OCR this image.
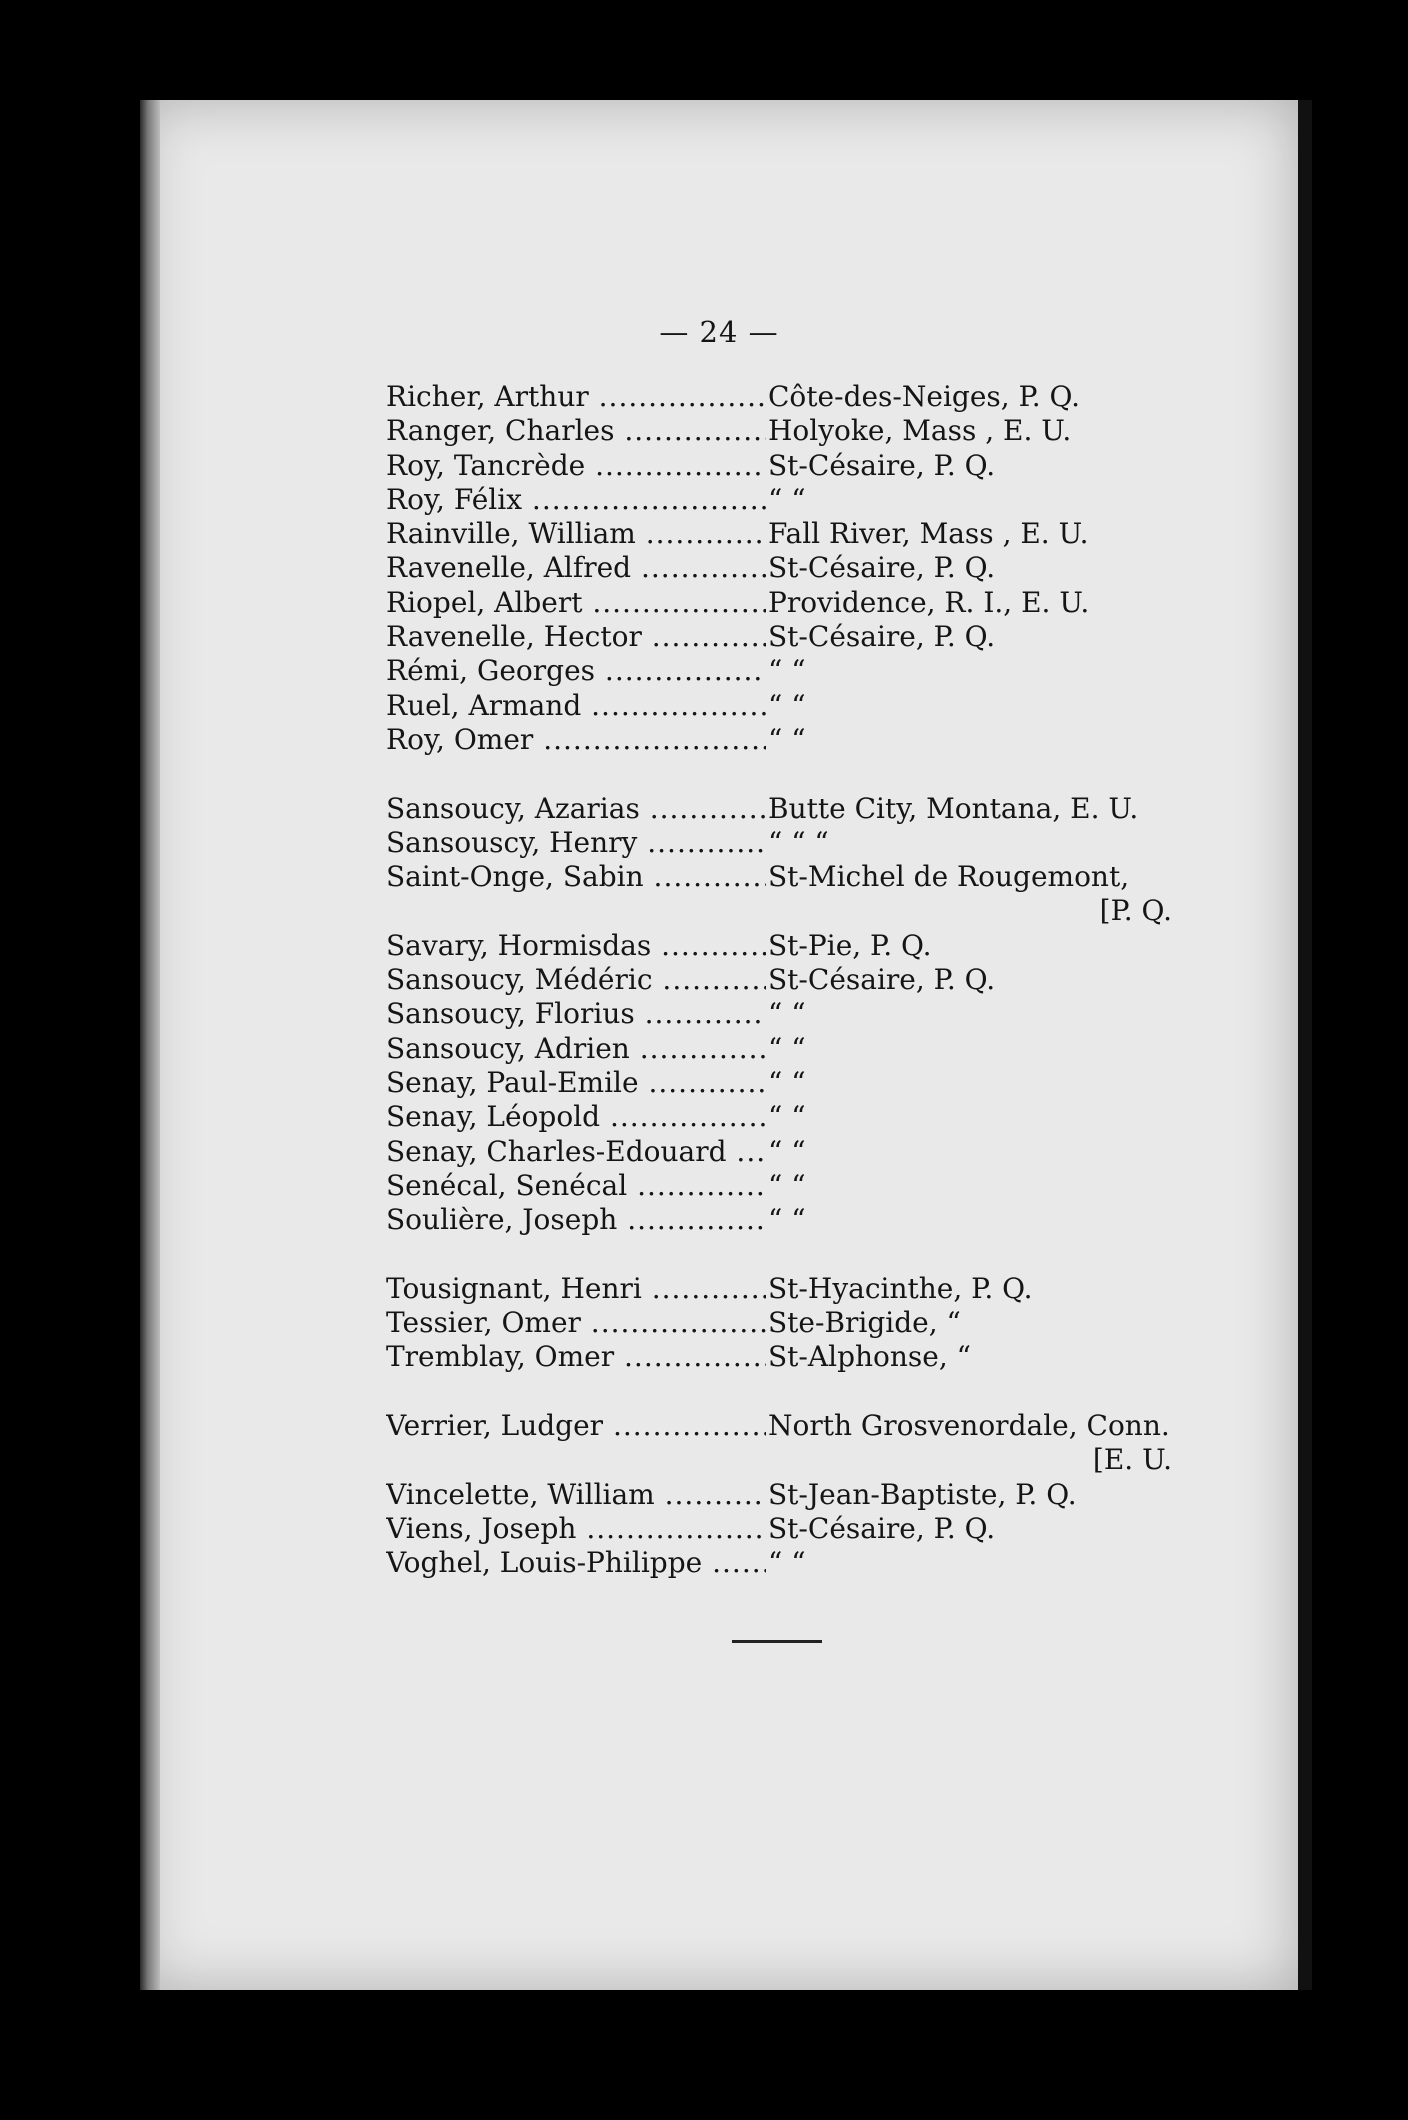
— 24 —
Richer, Arthur .....	Côte-des-Neiges, P. Q.
Ranger, Charles .....	Holyoke, Mass , E. U.
Roy, Tancrède .....	St-Césaire, P. Q.
Roy, Félix .....	“ “
Rainville, William .....	Fall River, Mass , E. U.
Ravenelle, Alfred .....	St-Césaire, P. Q.
Riopel, Albert .....	Providence, R. I., E. U.
Ravenelle, Hector .....	St-Césaire, P. Q.
Rémi, Georges .....	“ “
Ruel, Armand .....	“ “
Roy, Omer .....	“ “
Sansoucy, Azarias .....	Butte City, Montana, E. U.
Sansouscy, Henry .....	“ “ “
Saint-Onge, Sabin .....	St-Michel de Rougemont,
[P. Q.
Savary, Hormisdas .....	St-Pie, P. Q.
Sansoucy, Médéric .....	St-Césaire, P. Q.
Sansoucy, Florius .....	“ “
Sansoucy, Adrien .....	“ “
Senay, Paul-Emile .....	“ “
Senay, Léopold .....	“ “
Senay, Charles-Edouard .....	“ “
Senécal, Senécal .....	“ “
Soulière, Joseph .....	“ “
Tousignant, Henri .....	St-Hyacinthe, P. Q.
Tessier, Omer .....	Ste-Brigide, “
Tremblay, Omer .....	St-Alphonse, “
Verrier, Ludger .....	North Grosvenordale, Conn.
[E. U.
Vincelette, William .....	St-Jean-Baptiste, P. Q.
Viens, Joseph .....	St-Césaire, P. Q.
Voghel, Louis-Philippe .....	“ “
